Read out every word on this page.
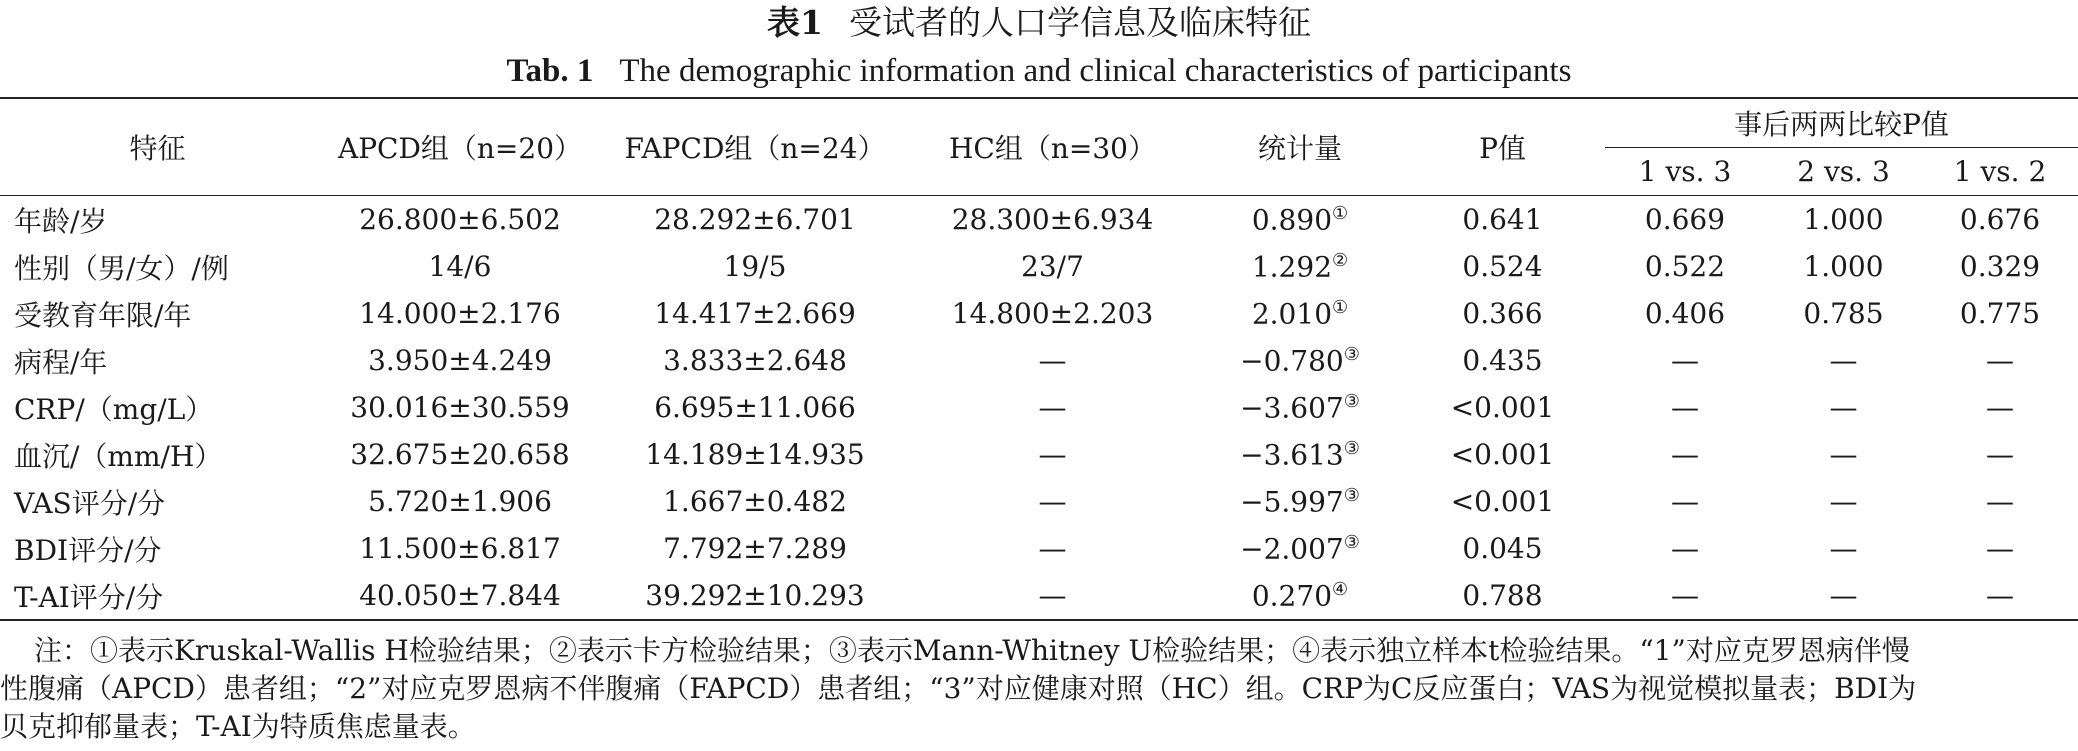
表1 受试者的人口学信息及临床特征
Tab. 1 The demographic information and clinical characteristics of participants
特征	APCD组（n=20）	FAPCD组（n=24）	HC组（n=30）	统计量	P值	事后两两比较P值		
						1 vs. 3	2 vs. 3	1 vs. 2
年龄/岁	26.800±6.502	28.292±6.701	28.300±6.934	0.890①	0.641	0.669	1.000	0.676
性别（男/女）/例	14/6	19/5	23/7	1.292②	0.524	0.522	1.000	0.329
受教育年限/年	14.000±2.176	14.417±2.669	14.800±2.203	2.010①	0.366	0.406	0.785	0.775
病程/年	3.950±4.249	3.833±2.648	—	−0.780③	0.435	—	—	—
CRP/（mg/L）	30.016±30.559	6.695±11.066	—	−3.607③	<0.001	—	—	—
血沉/（mm/H）	32.675±20.658	14.189±14.935	—	−3.613③	<0.001	—	—	—
VAS评分/分	5.720±1.906	1.667±0.482	—	−5.997③	<0.001	—	—	—
BDI评分/分	11.500±6.817	7.792±7.289	—	−2.007③	0.045	—	—	—
T-AI评分/分	40.050±7.844	39.292±10.293	—	0.270④	0.788	—	—	—

注：①表示Kruskal-Wallis H检验结果；②表示卡方检验结果；③表示Mann-Whitney U检验结果；④表示独立样本t检验结果。“1”对应克罗恩病伴慢

性腹痛（APCD）患者组；“2”对应克罗恩病不伴腹痛（FAPCD）患者组；“3”对应健康对照（HC）组。CRP为C反应蛋白；VAS为视觉模拟量表；BDI为

贝克抑郁量表；T-AI为特质焦虑量表。
